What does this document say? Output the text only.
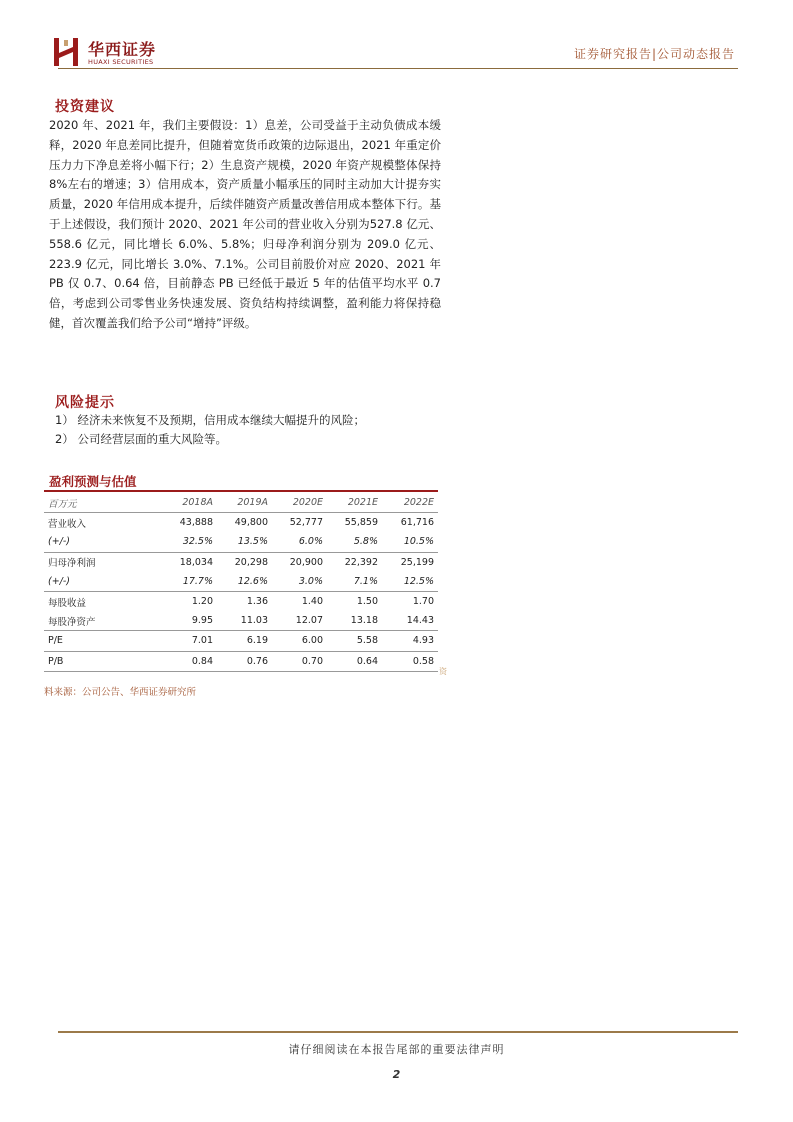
华西证券
HUAXI SECURITIES
证券研究报告|公司动态报告
投资建议
2020 年、2021 年，我们主要假设：1）息差，公司受益于主动负债成本缓释，2020 年息差同比提升，但随着宽货币政策的边际退出，2021 年重定价压力力下净息差将小幅下行；2）生息资产规模，2020 年资产规模整体保持 8%左右的增速；3）信用成本，资产质量小幅承压的同时主动加大计提夯实质量，2020 年信用成本提升，后续伴随资产质量改善信用成本整体下行。基于上述假设，我们预计 2020、2021 年公司的营业收入分别为527.8 亿元、558.6 亿元，同比增长 6.0%、5.8%；归母净利润分别为 209.0 亿元、223.9 亿元，同比增长 3.0%、7.1%。公司目前股价对应 2020、2021 年 PB 仅 0.7、0.64 倍，目前静态 PB 已经低于最近 5 年的估值平均水平 0.7 倍，考虑到公司零售业务快速发展、资负结构持续调整，盈利能力将保持稳健，首次覆盖我们给予公司“增持”评级。
风险提示
1） 经济未来恢复不及预期，信用成本继续大幅提升的风险；
2） 公司经营层面的重大风险等。
盈利预测与估值
百万元	2018A	2019A	2020E	2021E	2022E
营业收入	43,888	49,800	52,777	55,859	61,716
(+/-)	32.5%	13.5%	6.0%	5.8%	10.5%
归母净利润	18,034	20,298	20,900	22,392	25,199
(+/-)	17.7%	12.6%	3.0%	7.1%	12.5%
每股收益	1.20	1.36	1.40	1.50	1.70
每股净资产	9.95	11.03	12.07	13.18	14.43
P/E	7.01	6.19	6.00	5.58	4.93
P/B	0.84	0.76	0.70	0.64	0.58
资
料来源：公司公告、华西证券研究所
请仔细阅读在本报告尾部的重要法律声明
2
